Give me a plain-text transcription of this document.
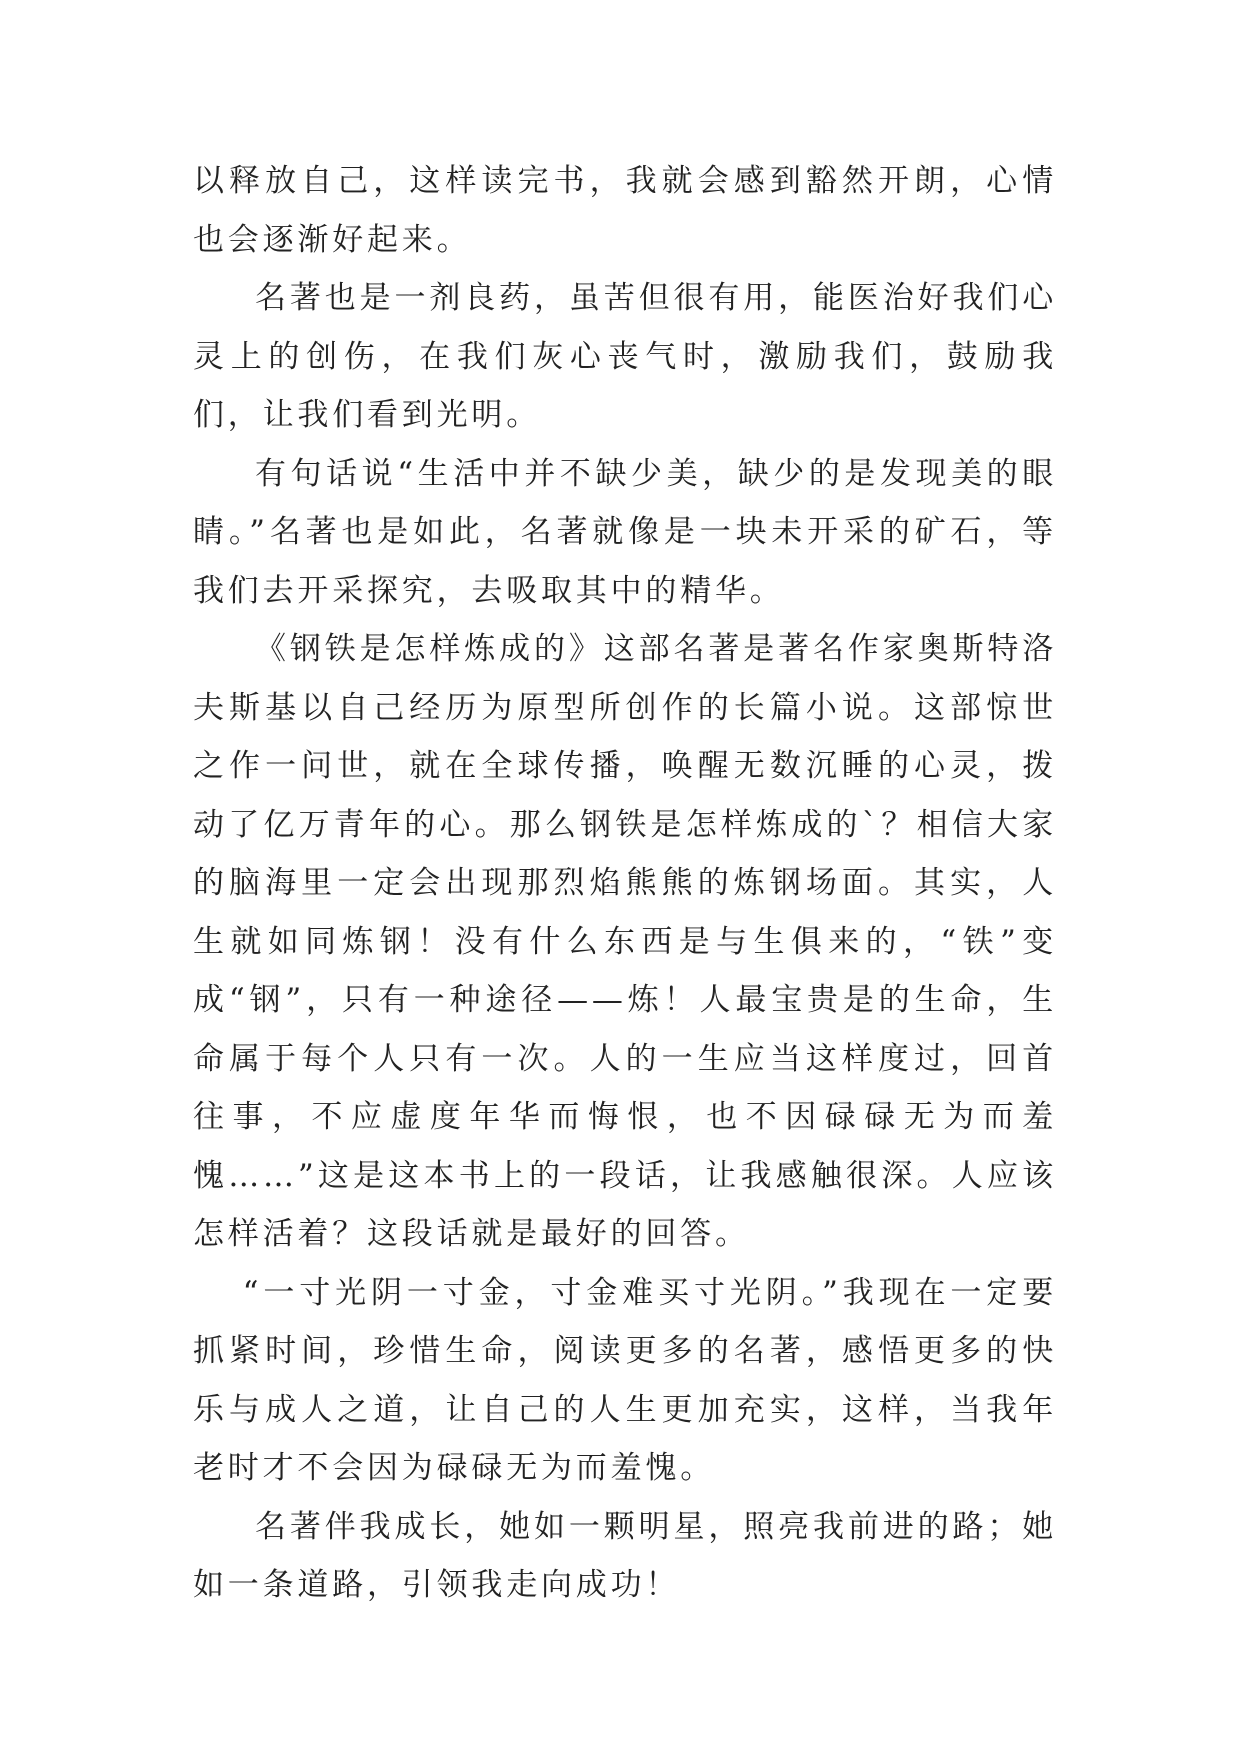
以释放自己，这样读完书，我就会感到豁然开朗，心情也会逐渐好起来。

名著也是一剂良药，虽苦但很有用，能医治好我们心灵上的创伤，在我们灰心丧气时，激励我们，鼓励我们，让我们看到光明。

有句话说“生活中并不缺少美，缺少的是发现美的眼睛。”名著也是如此，名著就像是一块未开采的矿石，等我们去开采探究，去吸取其中的精华。

《钢铁是怎样炼成的》这部名著是著名作家奥斯特洛夫斯基以自己经历为原型所创作的长篇小说。这部惊世之作一问世，就在全球传播，唤醒无数沉睡的心灵，拨动了亿万青年的心。那么钢铁是怎样炼成的`？相信大家的脑海里一定会出现那烈焰熊熊的炼钢场面。其实，人生就如同炼钢！没有什么东西是与生俱来的，“铁”变成“钢”，只有一种途径——炼！人最宝贵是的生命，生命属于每个人只有一次。人的一生应当这样度过，回首往事，不应虚度年华而悔恨，也不因碌碌无为而羞愧……”这是这本书上的一段话，让我感触很深。人应该怎样活着？这段话就是最好的回答。

“一寸光阴一寸金，寸金难买寸光阴。”我现在一定要抓紧时间，珍惜生命，阅读更多的名著，感悟更多的快乐与成人之道，让自己的人生更加充实，这样，当我年老时才不会因为碌碌无为而羞愧。

名著伴我成长，她如一颗明星，照亮我前进的路；她如一条道路，引领我走向成功！
